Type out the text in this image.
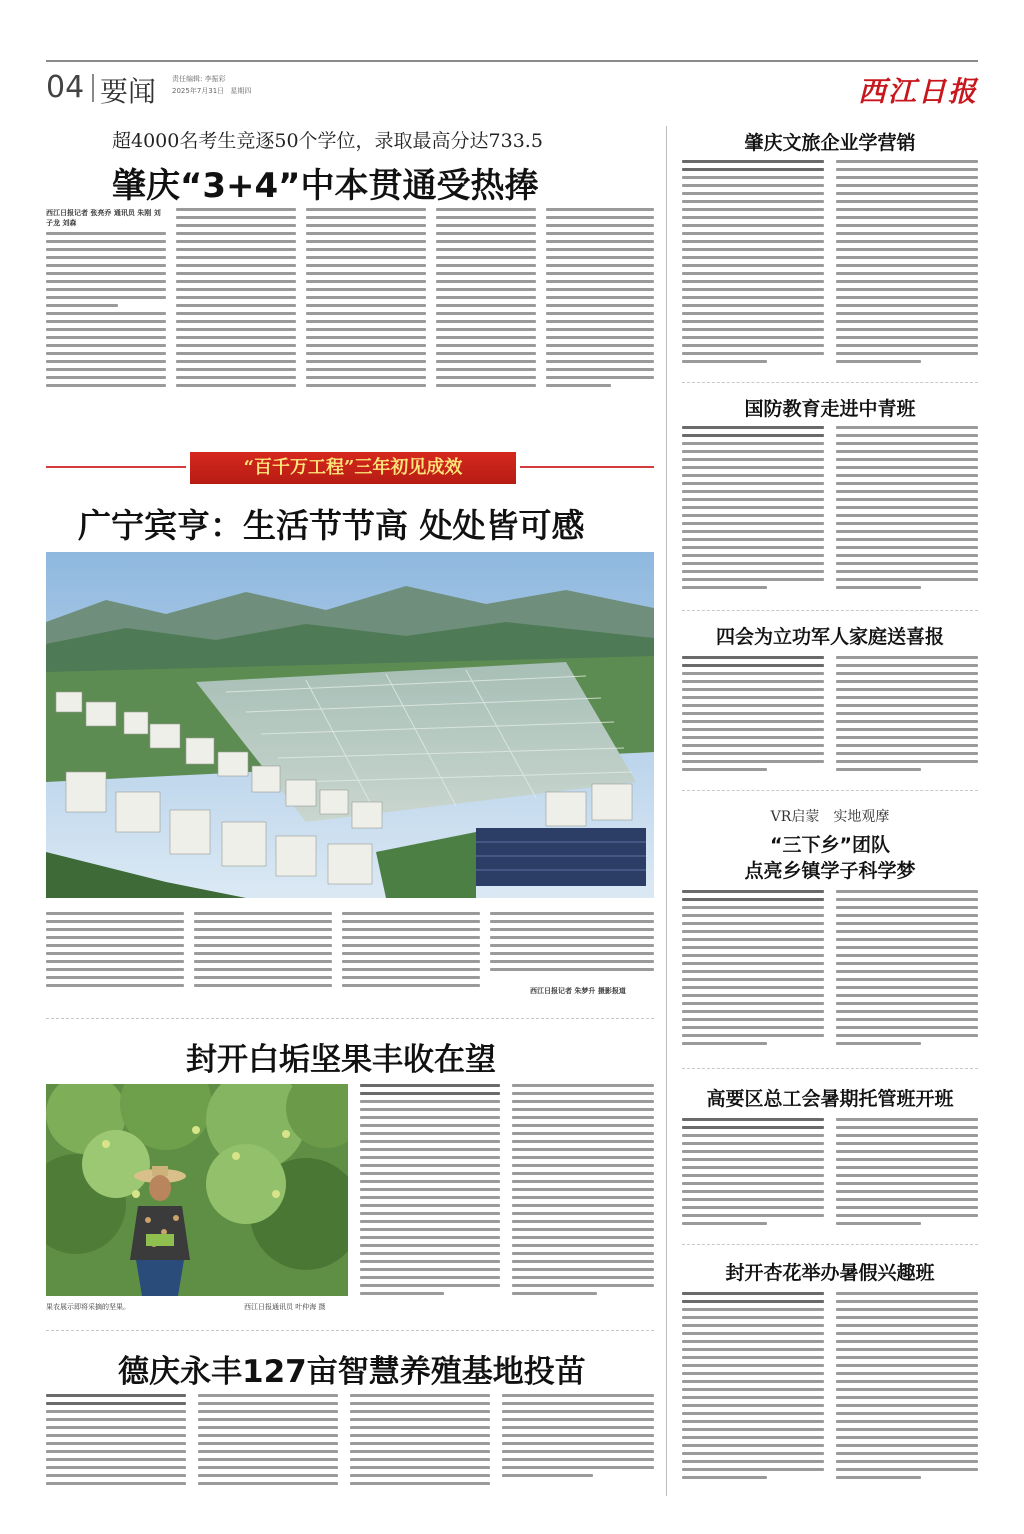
04 要闻 责任编辑: 李振彩
2025年7月31日 星期四	西江日报
超4000名考生竞逐50个学位，录取最高分达733.5
肇庆“3+4”中本贯通受热捧
西江日报记者 张亮乔 通讯员 朱刚 刘子龙 刘森
“百千万工程”三年初见成效
广宁宾亨：生活节节高 处处皆可感
西江日报记者 朱梦升 摄影报道
封开白垢坚果丰收在望
果农展示即将采摘的坚果。	西江日报通讯员 叶仲海 摄
德庆永丰127亩智慧养殖基地投苗
肇庆文旅企业学营销
国防教育走进中青班
四会为立功军人家庭送喜报
VR启蒙　实地观摩
“三下乡”团队
点亮乡镇学子科学梦
高要区总工会暑期托管班开班
封开杏花举办暑假兴趣班
